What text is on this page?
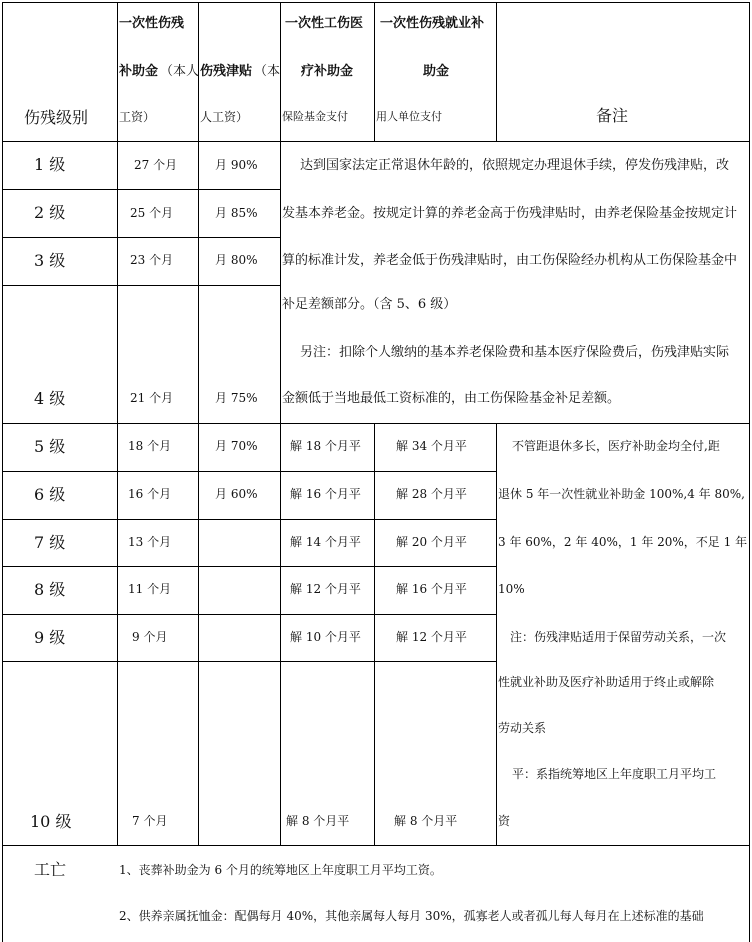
伤残级别
一次性伤残
补助金 （本人
工资）
伤残津贴 （本
人工资）
一次性工伤医
疗补助金
保险基金支付
一次性伤残就业补
助金
用人单位支付	备注
1 级
2 级
3 级
4 级
5 级
6 级
7 级
8 级
9 级
10 级
27 个月
25 个月
23 个月
21 个月
18 个月
16 个月
13 个月
11 个月
9 个月
7 个月
月 90%
月 85%
月 80%
月 75%
月 70%
月 60%
解 18 个月平
解 16 个月平
解 14 个月平
解 12 个月平
解 10 个月平
解 8 个月平
解 34 个月平
解 28 个月平
解 20 个月平
解 16 个月平
解 12 个月平
解 8 个月平
达到国家法定正常退休年龄的，依照规定办理退休手续，停发伤残津贴，改
发基本养老金。按规定计算的养老金高于伤残津贴时，由养老保险基金按规定计
算的标准计发，养老金低于伤残津贴时，由工伤保险经办机构从工伤保险基金中
补足差额部分。（含 5、6 级）
另注：扣除个人缴纳的基本养老保险费和基本医疗保险费后，伤残津贴实际
金额低于当地最低工资标准的，由工伤保险基金补足差额。
不管距退休多长，医疗补助金均全付,距
退休 5 年一次性就业补助金 100%,4 年 80%,
3 年 60%，2 年 40%，1 年 20%，不足 1 年
10%
注：伤残津贴适用于保留劳动关系，一次
性就业补助及医疗补助适用于终止或解除
劳动关系
平：系指统筹地区上年度职工月平均工
资
工亡	1、丧葬补助金为 6 个月的统筹地区上年度职工月平均工资。
2、供养亲属抚恤金：配偶每月 40%，其他亲属每人每月 30%，孤寡老人或者孤儿每人每月在上述标准的基础
